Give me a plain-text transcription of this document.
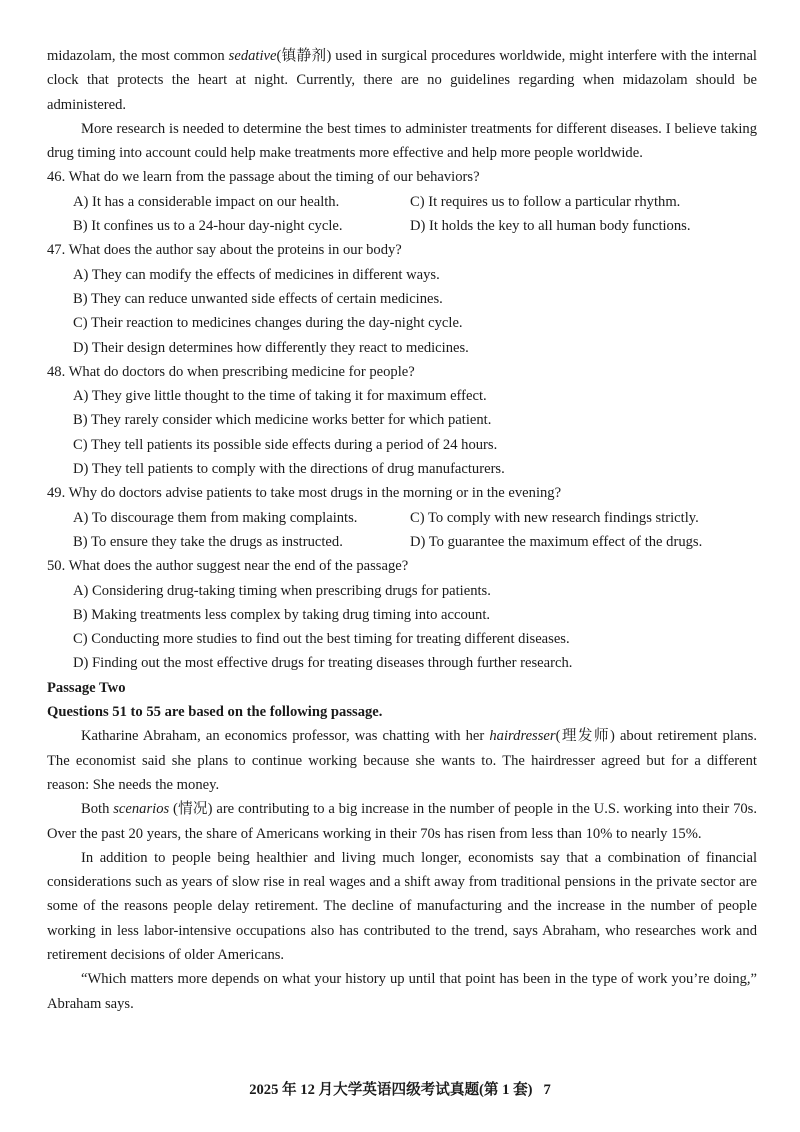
midazolam, the most common sedative(镇静剂) used in surgical procedures worldwide, might interfere with the internal clock that protects the heart at night. Currently, there are no guidelines regarding when midazolam should be administered.

More research is needed to determine the best times to administer treatments for different diseases. I believe taking drug timing into account could help make treatments more effective and help more people worldwide.

46. What do we learn from the passage about the timing of our behaviors?

A) It has a considerable impact on our health.	C) It requires us to follow a particular rhythm.
B) It confines us to a 24-hour day-night cycle.	D) It holds the key to all human body functions.

47. What does the author say about the proteins in our body?

A) They can modify the effects of medicines in different ways.

B) They can reduce unwanted side effects of certain medicines.

C) Their reaction to medicines changes during the day-night cycle.

D) Their design determines how differently they react to medicines.

48. What do doctors do when prescribing medicine for people?

A) They give little thought to the time of taking it for maximum effect.

B) They rarely consider which medicine works better for which patient.

C) They tell patients its possible side effects during a period of 24 hours.

D) They tell patients to comply with the directions of drug manufacturers.

49. Why do doctors advise patients to take most drugs in the morning or in the evening?

A) To discourage them from making complaints.	C) To comply with new research findings strictly.
B) To ensure they take the drugs as instructed.	D) To guarantee the maximum effect of the drugs.

50. What does the author suggest near the end of the passage?

A) Considering drug-taking timing when prescribing drugs for patients.

B) Making treatments less complex by taking drug timing into account.

C) Conducting more studies to find out the best timing for treating different diseases.

D) Finding out the most effective drugs for treating diseases through further research.

Passage Two

Questions 51 to 55 are based on the following passage.

Katharine Abraham, an economics professor, was chatting with her hairdresser(理发师) about retirement plans. The economist said she plans to continue working because she wants to. The hairdresser agreed but for a different reason: She needs the money.

Both scenarios (情况) are contributing to a big increase in the number of people in the U.S. working into their 70s. Over the past 20 years, the share of Americans working in their 70s has risen from less than 10% to nearly 15%.

In addition to people being healthier and living much longer, economists say that a combination of financial considerations such as years of slow rise in real wages and a shift away from traditional pensions in the private sector are some of the reasons people delay retirement. The decline of manufacturing and the increase in the number of people working in less labor-intensive occupations also has contributed to the trend, says Abraham, who researches work and retirement decisions of older Americans.

“Which matters more depends on what your history up until that point has been in the type of work you’re doing,” Abraham says.

2025 年 12 月大学英语四级考试真题(第 1 套)   7
